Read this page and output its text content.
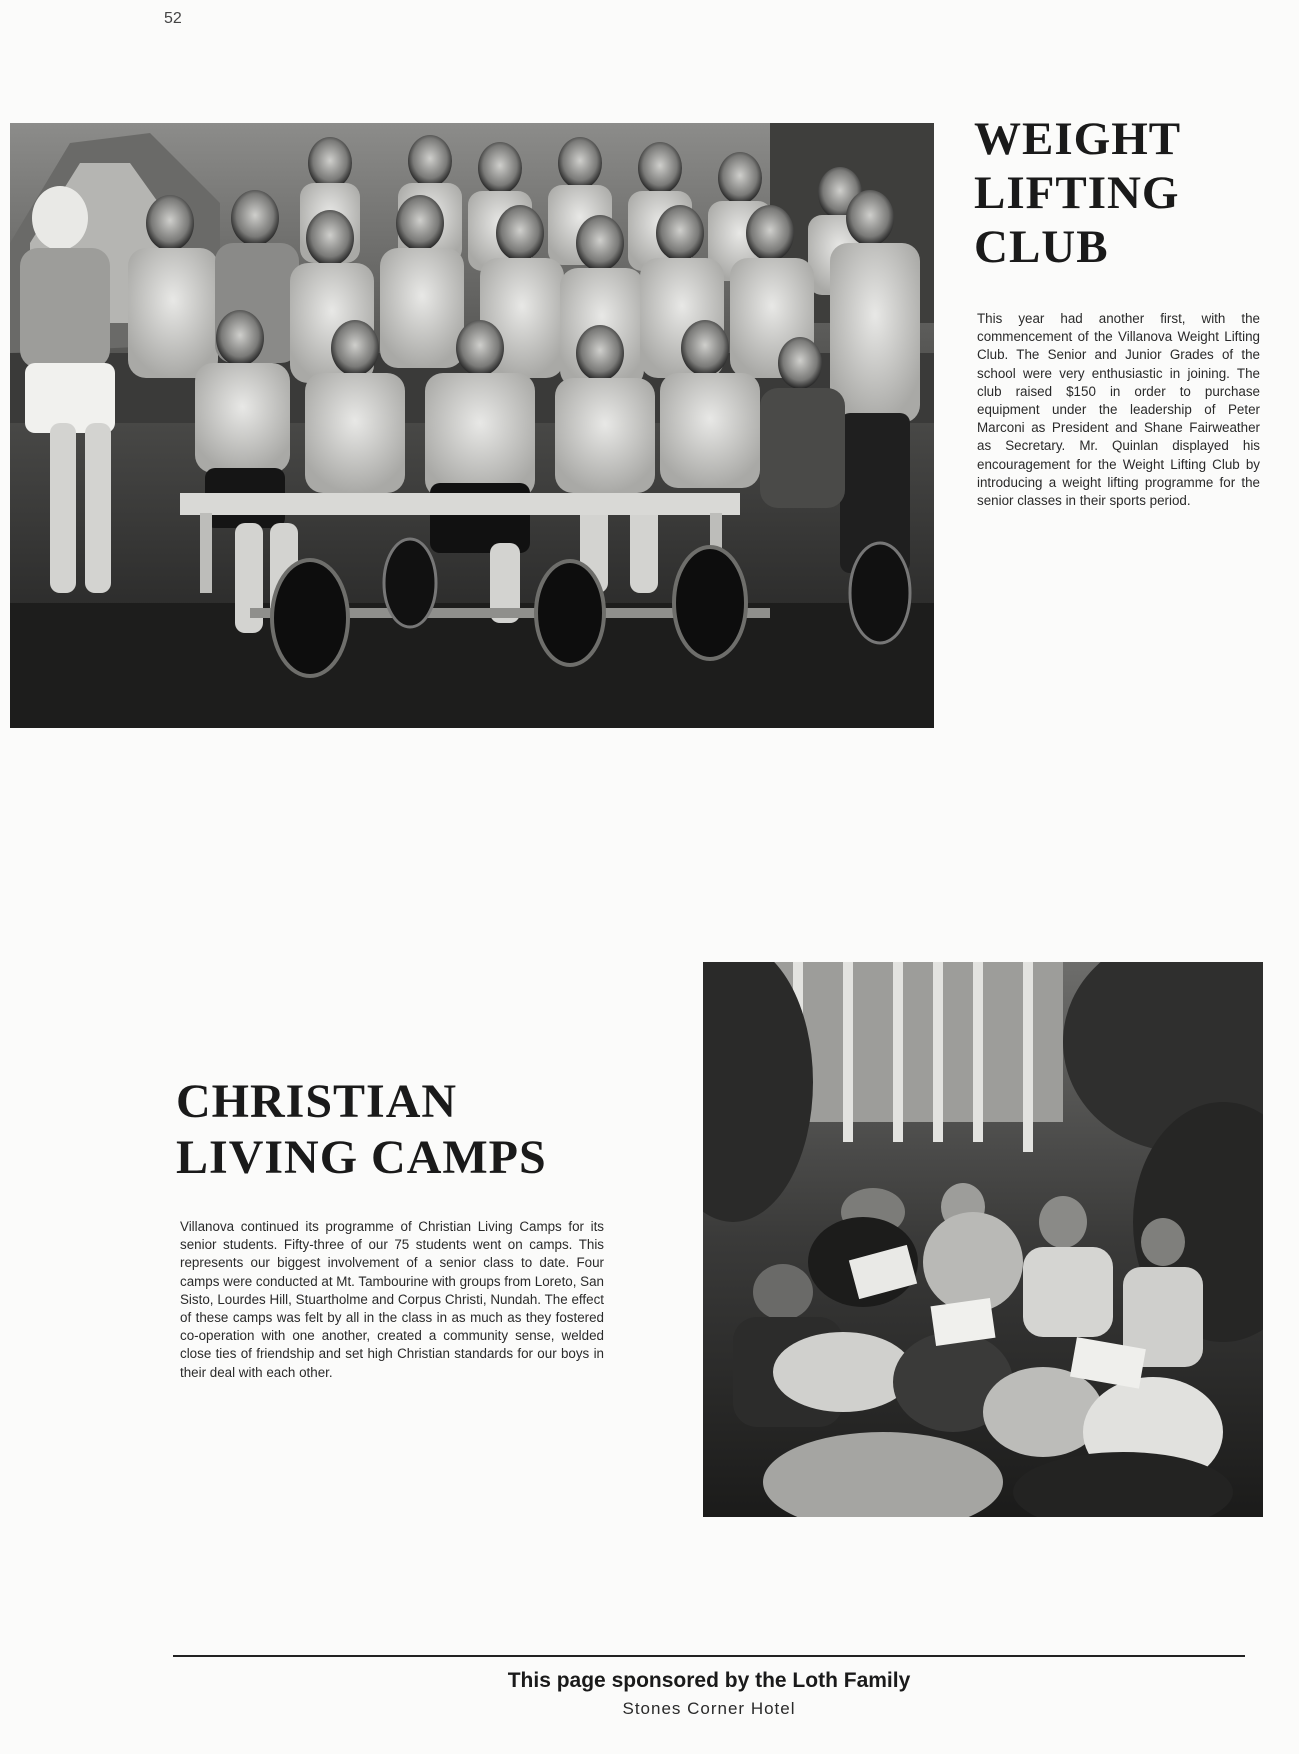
52
WEIGHT
LIFTING
CLUB

This year had another first, with the commencement of the Villanova Weight Lifting Club. The Senior and Junior Grades of the school were very enthusiastic in joining. The club raised $150 in order to purchase equipment under the leadership of Peter Marconi as President and Shane Fairweather as Secretary. Mr. Quinlan displayed his encouragement for the Weight Lifting Club by introducing a weight lifting programme for the senior classes in their sports period.

CHRISTIAN
LIVING CAMPS

Villanova continued its programme of Christian Living Camps for its senior students. Fifty-three of our 75 students went on camps. This represents our biggest involvement of a senior class to date. Four camps were conducted at Mt. Tambourine with groups from Loreto, San Sisto, Lourdes Hill, Stuartholme and Corpus Christi, Nundah. The effect of these camps was felt by all in the class in as much as they fostered co-operation with one another, created a community sense, welded close ties of friendship and set high Christian standards for our boys in their deal with each other.

This page sponsored by the Loth Family
Stones Corner Hotel
